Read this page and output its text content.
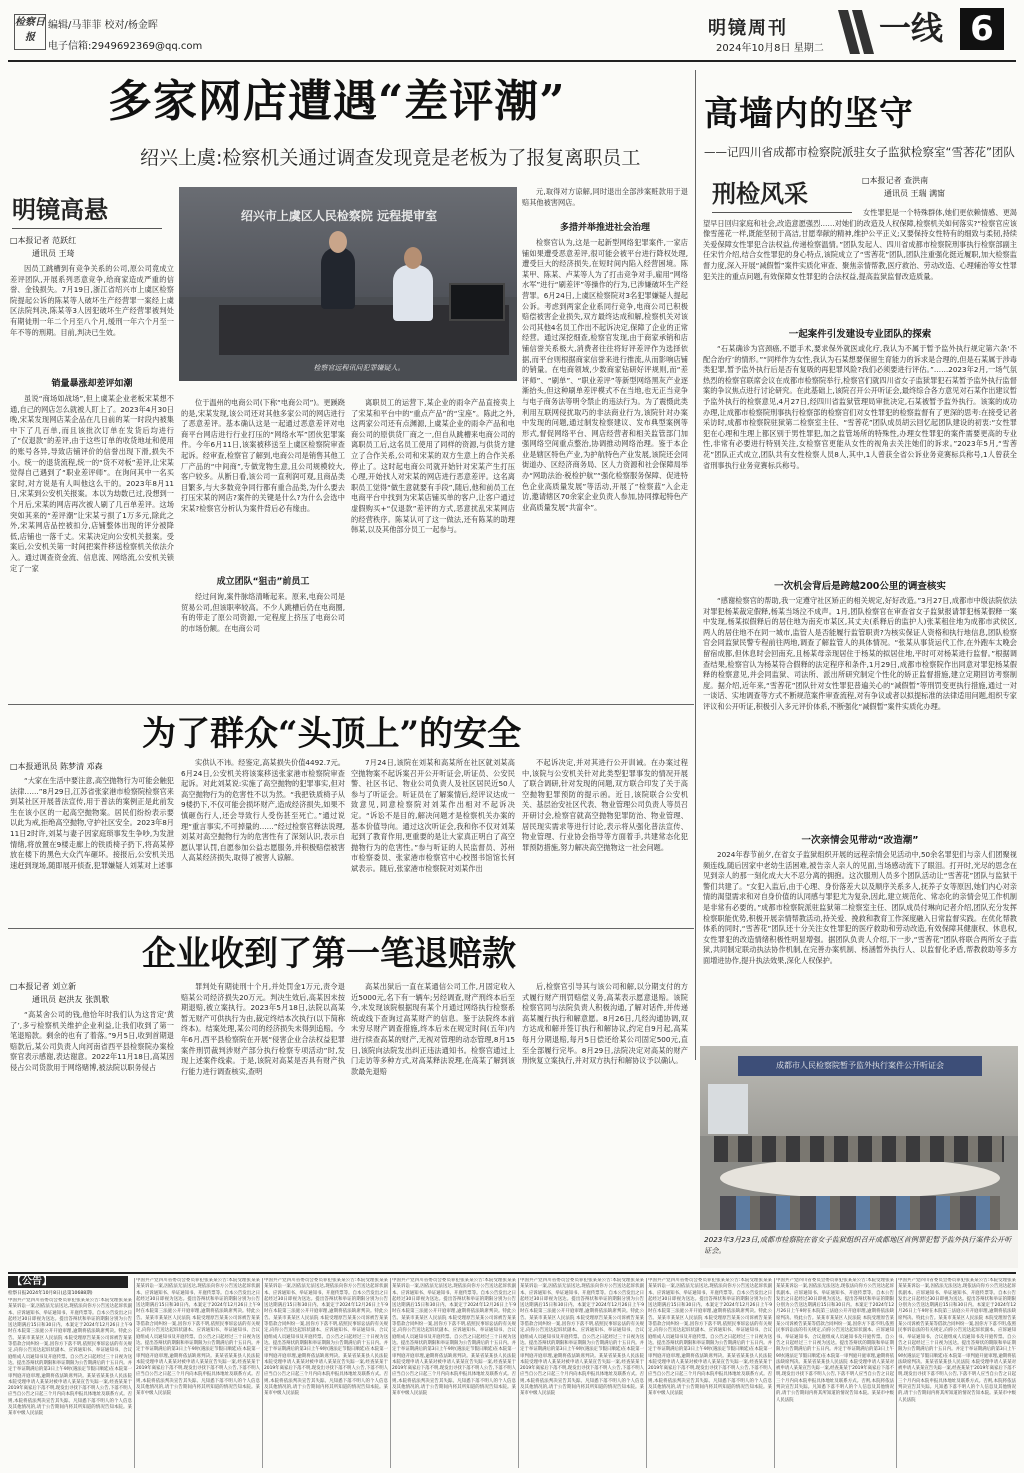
检察日报
编辑/马菲菲 校对/杨金晖
电子信箱:2949692369@qq.com
明镜周刊
2024年10月8日 星期二
一线 6
多家网店遭遇“差评潮”
绍兴上虞:检察机关通过调查发现竟是老板为了报复离职员工
明镜高悬
□本报记者 范跃红
通讯员 王琦

因员工跳槽到有竞争关系的公司,原公司竟成立差评团队,开展系列恶意竞争,给商家造成严重的信誉、金钱损失。7月19日,浙江省绍兴市上虞区检察院提起公诉的陈某等人破坏生产经营罪一案经上虞区法院判决,陈某等3人因犯破坏生产经营罪被判处有期徒刑一年二个月至八个月,缓刑一年六个月至一年不等的刑期。目前,判决已生效。

销量暴涨却差评如潮

虽说“商场如战场”,但上虞某企业老板宋某想不通,自己的网店怎么就被人盯上了。2023年4月30日晚,宋某发现网店某企品在几日前的某一时段内被集中下了几百单,而且该批次订单在发货后均进行了“仅退款”的差评,由于这些订单的收货地址和使用的账号各异,导致店铺评价的信誉出现下滑,损失不小。统一的退货流程,统一的“货不对板”差评,让宋某觉得自己遇到了“职业差评师”。在询问其中一名买家时,对方说是有人叫他这么干的。2023年8月11日,宋某到公安机关报案。本以为劫数已过,没想到一个月后,宋某的网店再次被人刷了几百单差评。这场突如其来的“差评潮”让宋某亏损了1万多元,除此之外,宋某网店品控被扣分,店铺整体出现的评分被降低,店铺也一落千丈。宋某决定向公安机关报案。受案后,公安机关第一时间把案件移送检察机关依法介入。通过调查资金流、信息流、网络流,公安机关锁定了一家

绍兴市上虞区人民检察院 远程提审室
检察官远程讯问犯罪嫌疑人。

位于温州的电商公司(下称“电商公司”)。更蹊跷的是,宋某发现,该公司还对其他多家公司的网店进行了恶意差评。基本确认这是一起通过恶意差评对电商平台网店进行行业打压的“网络水军”团伙犯罪案件。今年6月11日,该案被移送至上虞区检察院审查起诉。经审查,检察官了解到,电商公司是销售其他工厂产品的“中间商”,专做宠物生意,且公司规模较大,客户较多。从断日看,该公司一直利润可观,且商品类目繁多,与大多数竞争同行都有重合品类,为什么要去打压宋某的网店?案件的关键是什么?为什么会选中宋某?检察官分析认为案件背后必有缘由。

成立团队“狙击”前员工

经过问询,案件脉络清晰起来。原来,电商公司是贸易公司,但该职率较高。不少人跳槽后仍在电商圈,有的带走了原公司资源,一定程度上挤压了电商公司的市场份额。在电商公司

离职员工的运营下,某企业的雨伞产品直接卖上了宋某和平台中的“重点产品”的“宝座”。陈此之外,这两家公司还有点渊源,上虞某企业的雨伞产品和电商公司的原供货厂商之一,但自从跳槽来电商公司的离职员工后,这名员工使用了同样的资源,与供货方建立了合作关系,公司和宋某的双方生意上的合作关系停止了。这时起电商公司就开始针对宋某产生打压心理,开始找人对宋某的网店进行恶意差评。这名离职员工觉得“做生意就要有手段”,随后,他和前员工在电商平台中找到为宋某店铺买单的客户,让客户通过虚假购买+“仅退款”差评的方式,恶意扰乱宋某网店的经营秩序。陈某认可了这一做法,还有陈某的助理韩某,以及其他部分员工一起参与。

元,取得对方谅解,同时退出全部涉案赃款用于退赔其他被害网店。

多措并举推进社会治理

检察官认为,这是一起新型网络犯罪案件,一家店铺如果遭受恶意差评,很可能会被平台进行降权处理,遭受巨大的经济损失,在短时间内陷入经营困境。陈某甲、陈某、卢某等人为了打击竞争对手,雇用“网络水军”进行“刷差评”等操作的行为,已涉嫌破坏生产经营罪。6月24日,上虞区检察院对3名犯罪嫌疑人提起公诉。考虑到两家企业系同行竞争,电商公司已积极赔偿被害企业损失,双方最终达成和解,检察机关对该公司其他4名员工作出不起诉决定,保障了企业的正常经营。通过深挖细查,检察官发现,由于商家承销和店铺信誉关系极大,消费者往往将好评差评作为选择依据,而平台则根据商家信誉来进行推流,从而影响店铺的销量。在电商领域,少数商家钻研好评规则,而“差评师”、“刷单”、“职业差评”等新型网络黑灰产业逐渐抬头,但这种刷单差评模式不在当地,也无正当竞争与电子商务法等明令禁止的违法行为。为了震慑此类利用互联网侵扰取巧的非法商业行为,该院针对办案中发现的问题,通过制发检察建议、发布典型案例等形式,督促网络平台、网店经营者和相关监管部门加强网络空间重点整治,协调推动网络治理。鉴于本企业是辖区特色产业,为护航特色产业发展,该院还会同街道办、区经济商务局、区人力资源和社会保障局举办“网助法治·税检护航”“强化检察服务保障、促进特色企业高质量发展”等活动,开展了“检察蓝”入企走访,邀请辖区70余家企业负责人参加,协同撑起特色产业高质量发展“共富伞”。

高墙内的坚守
——记四川省成都市检察院派驻女子监狱检察室“雪莕花”团队
刑检风采	□本报记者 查洪南
通讯员 王瑞 满甯

女性罪犯是一个特殊群体,她们更依赖情感、更渴望早日回归家庭和社会,改造意愿强烈……对她们的改造及人权保障,检察机关如何落实?“检察官应该像雪莲花一样,既能坚韧于高洁,甘愿奉献的精神,维护公平正义;又要保持女性特有的细致与柔韧,持续关爱保障女性罪犯合法权益,传递检察温情。”团队发起人、四川省成都市检察院刑事执行检察部副主任宋竹介绍,结合女性罪犯的身心特点,该院成立了“雪莕花”团队,团队注重强化挺近履职,加大检察监督力度,深入开展“减假暂”案件实质化审查、聚焦亲情帮教,医疗救治、劳动改造、心理辅治等女性罪犯关注的重点问题,有效保障女性罪犯的合法权益,提高监狱监督改造质量。

一起案件引发建设专业团队的探索

“石某确诊为宫颈癌,不愿手术,要求保外就医或化疗,我认为不属于暂予监外执行规定第六条‘不配合治疗’的情形。”“同样作为女性,我认为石某想要保留生育能力的诉求是合理的,但是石某属于涉毒类犯罪,暂予监外执行后是否有复吸的再犯罪风险?我们必须要进行评估。”……2023年2月,一场气氛热烈的检察官联席会议在成都市检察院举行,检察官们就四川省女子监狱罪犯石某暂予监外执行监督案的争议焦点进行讨论研究。在此基础上,该院召开公开听证会,最终综合各方意见对石某作出建议暂予监外执行的检察意见,4月27日,经四川省监狱管理局审批决定,石某被暂予监外执行。该案的成功办理,让成都市检察院刑事执行检察部的检察官们对女性罪犯的检察监督有了更深的思考:在接受记者采访时,成都市检察院驻狱第二检察室主任、“雪莕花”团队成员胡云回忆起团队建设的初衷:“女性罪犯在心理和生理上都区别于男性罪犯,加之监管场所的特殊性,办理女性罪犯的案件需要更高的专业性,非常有必要进行特别关注,女检察官更能从女性的视角去关注她们的诉求。”2023年5月,“雪莕花”团队正式成立,团队共有女性检察人员8人,其中,1人曾获全省公诉业务竞赛标兵称号,1人曾获全省刑事执行业务竞赛标兵称号。

一次机会背后是跨越200公里的调查核实

“感谢检察官的帮助,我一定遵守社区矫正的相关规定,好好改造。”3月27日,成都市中级法院依法对罪犯杨某裁定假释,杨某当场泣不成声。1月,团队检察官在审查省女子监狱报请罪犯杨某假释一案中发现,杨某拟假释后的居住地为南充市某区,其丈夫(系释后的监护人)张某租住地为成都市武侯区,两人的居住地不在同一城市,监管人是否能履行监管职责?为核实保证人资格和执行地信息,团队检察官会同监狱民警专程前往两地,调查了解监管人的具体情况。“张某从事货运代工作,在外跑车太晚会留宿成都,但休息时会回南充,且杨某母亲现居住于杨某的拟居住地,平时可对杨某进行监督。”根据调查结果,检察官认为杨某符合假释的法定程序和条件,1月29日,成都市检察院作出同意对罪犯杨某假释的检察意见,并会同监狱、司法所、派出所研究制定个性化的矫正监督措施,建立定期回访考察制度。据介绍,近年来,“雪莕花”团队针对女性罪犯普遍关心的“减假暂”等刑罚变更执行措施,通过一对一谈话、实地调查等方式不断规范案件审查流程,对有争议或者以拟提标准的法律适用问题,组织专家评议和公开听证,积极引入多元评价体系,不断强化“减假暂”案件实质化办理。

一次亲情会见带动“改造潮”

2024年春节前夕,在省女子监狱组织开展的远程亲情会见活动中,50余名罪犯们与亲人们团聚视频连线,随后因家中老幼生活困难,被告亲人亲人的见面,当场感动流下了眼泪。打开时,光尽的思念在见到亲人的那一刻化成大大不忍分离的拥抱。这次服刑人员多个团队活动让“雪莕花”团队与监狱干警们共建了。“女犯入监后,由于心理、身份落差大以及顺序关系多人,抚养子女等原因,她们内心对亲情的渴望需求和对自身价值的认同感与罪犯尤为复杂,因此,建立规范化、常态化的亲情会见工作机制是非常有必要的。”成都市检察院派驻监狱第二检察室主任、团队成员付琳向记者介绍,团队充分发挥检察职能优势,积极开展亲情帮教活动,持关爱、挽救和教育工作深度融入日常监督实践。在优化帮教体系的同时,“雪莕花”团队还十分关注女性罪犯的医疗救助和劳动改造,有效保障其健康权、休息权,女性罪犯的改造情绪积极性明显增强。据团队负责人介绍,下一步,“雪莕花”团队将联合两所女子监狱,共同制定联动执法协作机制,在完善办案机制、杨涵暂外执行人、以监督化矛盾,帮教救助等多方面增进协作,提升执法效果,深化人权保护。

成都市人民检察院暂予监外执行案件公开听证会
2023年3月23日,成都市检察院在省女子监狱组织召开成都地区首例罪犯暂予监外执行案件公开听证会。
为了群众“头顶上”的安全
□本报通讯员 陈梦清 邓森

“大家在生活中要注意,高空抛物行为可能会触犯法律……”8月29日,江苏省张家港市检察院检察官来到某社区开展普法宣传,用于普法的案例正是此前发生在该小区的一起高空抛物案。居民们纷纷表示要以此为戒,拒绝高空抛物,守护社区安全。2023年8月11日2时许,刘某与妻子因家庭琐事发生争吵,为发泄情绪,将放置在9楼走廊上的铁质椅子扔下,将高某停放在楼下的黑色大众汽车砸坏。接报后,公安机关迅速赶到现场,随即展开侦查,犯罪嫌疑人刘某对上述事

实供认不讳。经鉴定,高某损失价值4492.7元。6月24日,公安机关将该案移送张家港市检察院审查起诉。对此刘某说:实施了高空抛物的犯罪事实,但对高空抛物行为的危害性不以为然。“我把铁质椅子从9楼扔下,不仅可能会损坏财产,造成经济损失,如果不慎砸伤行人,还会导致行人受伤甚至死亡。”通过说理“重言事实,不可掉量的……”经过检察官释法说理,刘某对高空抛物行为的危害性有了深刻认识,表示自愿认罪认罚,自愿参加公益志愿服务,并积极赔偿被害人高某经济损失,取得了被害人谅解。

7月24日,该院在刘某和高某所在社区就刘某高空抛物案不起诉案召开公开听证会,听证员、公安民警、社区书记、物业公司负责人及社区居民近50人参与了听证会。听证员在了解案情后,经评议达成一致意见,同意检察院对刘某作出相对不起诉决定。“诉讼不是目的,解决问题才是检察机关办案的基本价值导向。通过这次听证会,我和你不仅对刘某起到了教育作用,更重要的是让大家真正明白了高空抛物行为的危害性。”参与听证的人民监督员、苏州市检察委员、张家港市检察官中心校图书馆馆长何斌表示。随后,张家港市检察院对刘某作出

不起诉决定,并对其进行公开训诫。在办案过程中,该院与公安机关针对此类型犯罪事发的情况开展了联合调研,针对发现的问题,双方联合印发了关于高空抛物犯罪预防的提示函。近日,该院联合公安机关、基层治安社区代表、物业管理公司负责人等员召开研讨会,检察官就高空抛物犯罪防治、物业管理、居民现实需求等进行讨论,表示将从强化普法宣传、物业管理、行业协会指导等方面着手,共建常态化犯罪预防措施,努力解决高空抛物这一社会问题。

企业收到了第一笔退赔款
□本报记者 刘立新
通讯员 赵洪友 张凯歌

“高某舍公司的钱,他恰年时我们认为这肯定‘黄了’,多亏检察机关维护企业利益,让我们收到了第一笔退赔款。剩余的也有了着落。”9月5日,收到首期退赔款后,某公司负责人向河南省西平县检察院办案检察官表示感谢,表达谢意。2022年11月18日,高某因侵占公司货款用于网络赌博,被法院以职务侵占

罪判处有期徒刑十个月,并处罚金1万元,责令退赔某公司经济损失20万元。判决生效后,高某因未按期退赔,被立案执行。2023年5月18日,法院以高某暂无财产可供执行为由,裁定终结本次执行(以下简称终本)。结案处理,某公司的经济损失未得到追赔。今年6月,西平县检察院在开展“侵害企业合法权益犯罪案件刑罚裁判涉财产部分执行检察专项活动”时,发现上述案件线索。于是,该院对高某是否具有财产执行能力进行调查核实,查明

高某出狱后一直在某通信公司工作,月固定收入近5000元,名下有一辆车;另经调查,财产刑终本后至今,未发现该院根据现有某个月通过网络执行检察系统或线下查询过高某财产的信息。鉴于法院终本前未穷尽财产调查措施,终本后未在规定时间(五年)内进行续查高某的财产,无视对管理的动态管理,8月15日,该院向法院发出纠正违法通知书。检察官通过上门走访等多种方式,对高某释法说理,在高某了解到该款最先退赔

后,检察官引导其与该公司和解,以分期支付的方式履行财产刑罚赔偿义务,高某表示愿意退赔。该院检察官同与法院负责人积极沟通,了解对话件,并传递高某履行执行和解意愿。8月26日,几经沟通协调,双方达成和解并签订执行和解协议,约定自9月起,高某每月分期退赔,每月5日偿还给某公司固定500元,直至全部履行完毕。8月29日,法院决定对高某的财产刑恢复立案执行,并对双方执行和解协议予以确认。

【公告】
检察日报2024年10月8日(总第10688期)
中国共产党四川省委员会委员罪犯张某某公告:本院受理张某某某某诉讼一案,因依法无法送达,现依法向你方公告送达起诉状副本、应诉通知书、举证通知书、开庭传票等。自本公告发出之日起经过30日即视为送达。提出答辩状和举证的期限分别为公告送达期满后15日和30日内。本案定于2024年12月26日上午9时在本院第三法庭公开开庭审理,逾期将依法缺席判决。特此公告。某某市某某区人民法院 本院受理原告某某公司诉被告某某等借款合同纠纷一案,因你方下落不明,依照民事诉讼法的有关规定,向你公告送达起诉状副本、应诉通知书、举证通知书、合议庭组成人员通知书及开庭传票。自公告之日起经过三十日视为送达。提出答辩状的期限和举证期限为公告期满后的十五日内。并定于举证期满后的第3日上午9时(遇法定节假日顺延)在本院第一审判庭开庭审理,逾期将依法缺席判决。某某省某某县人民法院 本院受理申请人某某对被申请人某某宣告失踪一案,经查某某于2019年离家后下落不明,现发出寻找下落不明人公告,下落不明人应当自公告之日起三个月内向本院申报具体地址及联系方式。否则,本院将依法判决宣告其失踪。凡知悉下落不明人的个人信息及其他情况的,请于公告期间内将其所知道的情况告知本院。某某市中级人民法院
中国共产党四川省委员会委员罪犯张某某公告:本院受理张某某某某诉讼一案,因依法无法送达,现依法向你方公告送达起诉状副本、应诉通知书、举证通知书、开庭传票等。自本公告发出之日起经过30日即视为送达。提出答辩状和举证的期限分别为公告送达期满后15日和30日内。本案定于2024年12月26日上午9时在本院第三法庭公开开庭审理,逾期将依法缺席判决。特此公告。某某市某某区人民法院 本院受理原告某某公司诉被告某某等借款合同纠纷一案,因你方下落不明,依照民事诉讼法的有关规定,向你公告送达起诉状副本、应诉通知书、举证通知书、合议庭组成人员通知书及开庭传票。自公告之日起经过三十日视为送达。提出答辩状的期限和举证期限为公告期满后的十五日内。并定于举证期满后的第3日上午9时(遇法定节假日顺延)在本院第一审判庭开庭审理,逾期将依法缺席判决。某某省某某县人民法院 本院受理申请人某某对被申请人某某宣告失踪一案,经查某某于2019年离家后下落不明,现发出寻找下落不明人公告,下落不明人应当自公告之日起三个月内向本院申报具体地址及联系方式。否则,本院将依法判决宣告其失踪。凡知悉下落不明人的个人信息及其他情况的,请于公告期间内将其所知道的情况告知本院。某某市中级人民法院
中国共产党四川省委员会委员罪犯张某某公告:本院受理张某某某某诉讼一案,因依法无法送达,现依法向你方公告送达起诉状副本、应诉通知书、举证通知书、开庭传票等。自本公告发出之日起经过30日即视为送达。提出答辩状和举证的期限分别为公告送达期满后15日和30日内。本案定于2024年12月26日上午9时在本院第三法庭公开开庭审理,逾期将依法缺席判决。特此公告。某某市某某区人民法院 本院受理原告某某公司诉被告某某等借款合同纠纷一案,因你方下落不明,依照民事诉讼法的有关规定,向你公告送达起诉状副本、应诉通知书、举证通知书、合议庭组成人员通知书及开庭传票。自公告之日起经过三十日视为送达。提出答辩状的期限和举证期限为公告期满后的十五日内。并定于举证期满后的第3日上午9时(遇法定节假日顺延)在本院第一审判庭开庭审理,逾期将依法缺席判决。某某省某某县人民法院 本院受理申请人某某对被申请人某某宣告失踪一案,经查某某于2019年离家后下落不明,现发出寻找下落不明人公告,下落不明人应当自公告之日起三个月内向本院申报具体地址及联系方式。否则,本院将依法判决宣告其失踪。凡知悉下落不明人的个人信息及其他情况的,请于公告期间内将其所知道的情况告知本院。某某市中级人民法院
中国共产党四川省委员会委员罪犯张某某公告:本院受理张某某某某诉讼一案,因依法无法送达,现依法向你方公告送达起诉状副本、应诉通知书、举证通知书、开庭传票等。自本公告发出之日起经过30日即视为送达。提出答辩状和举证的期限分别为公告送达期满后15日和30日内。本案定于2024年12月26日上午9时在本院第三法庭公开开庭审理,逾期将依法缺席判决。特此公告。某某市某某区人民法院 本院受理原告某某公司诉被告某某等借款合同纠纷一案,因你方下落不明,依照民事诉讼法的有关规定,向你公告送达起诉状副本、应诉通知书、举证通知书、合议庭组成人员通知书及开庭传票。自公告之日起经过三十日视为送达。提出答辩状的期限和举证期限为公告期满后的十五日内。并定于举证期满后的第3日上午9时(遇法定节假日顺延)在本院第一审判庭开庭审理,逾期将依法缺席判决。某某省某某县人民法院 本院受理申请人某某对被申请人某某宣告失踪一案,经查某某于2019年离家后下落不明,现发出寻找下落不明人公告,下落不明人应当自公告之日起三个月内向本院申报具体地址及联系方式。否则,本院将依法判决宣告其失踪。凡知悉下落不明人的个人信息及其他情况的,请于公告期间内将其所知道的情况告知本院。某某市中级人民法院
中国共产党四川省委员会委员罪犯张某某公告:本院受理张某某某某诉讼一案,因依法无法送达,现依法向你方公告送达起诉状副本、应诉通知书、举证通知书、开庭传票等。自本公告发出之日起经过30日即视为送达。提出答辩状和举证的期限分别为公告送达期满后15日和30日内。本案定于2024年12月26日上午9时在本院第三法庭公开开庭审理,逾期将依法缺席判决。特此公告。某某市某某区人民法院 本院受理原告某某公司诉被告某某等借款合同纠纷一案,因你方下落不明,依照民事诉讼法的有关规定,向你公告送达起诉状副本、应诉通知书、举证通知书、合议庭组成人员通知书及开庭传票。自公告之日起经过三十日视为送达。提出答辩状的期限和举证期限为公告期满后的十五日内。并定于举证期满后的第3日上午9时(遇法定节假日顺延)在本院第一审判庭开庭审理,逾期将依法缺席判决。某某省某某县人民法院 本院受理申请人某某对被申请人某某宣告失踪一案,经查某某于2019年离家后下落不明,现发出寻找下落不明人公告,下落不明人应当自公告之日起三个月内向本院申报具体地址及联系方式。否则,本院将依法判决宣告其失踪。凡知悉下落不明人的个人信息及其他情况的,请于公告期间内将其所知道的情况告知本院。某某市中级人民法院
中国共产党四川省委员会委员罪犯张某某公告:本院受理张某某某某诉讼一案,因依法无法送达,现依法向你方公告送达起诉状副本、应诉通知书、举证通知书、开庭传票等。自本公告发出之日起经过30日即视为送达。提出答辩状和举证的期限分别为公告送达期满后15日和30日内。本案定于2024年12月26日上午9时在本院第三法庭公开开庭审理,逾期将依法缺席判决。特此公告。某某市某某区人民法院 本院受理原告某某公司诉被告某某等借款合同纠纷一案,因你方下落不明,依照民事诉讼法的有关规定,向你公告送达起诉状副本、应诉通知书、举证通知书、合议庭组成人员通知书及开庭传票。自公告之日起经过三十日视为送达。提出答辩状的期限和举证期限为公告期满后的十五日内。并定于举证期满后的第3日上午9时(遇法定节假日顺延)在本院第一审判庭开庭审理,逾期将依法缺席判决。某某省某某县人民法院 本院受理申请人某某对被申请人某某宣告失踪一案,经查某某于2019年离家后下落不明,现发出寻找下落不明人公告,下落不明人应当自公告之日起三个月内向本院申报具体地址及联系方式。否则,本院将依法判决宣告其失踪。凡知悉下落不明人的个人信息及其他情况的,请于公告期间内将其所知道的情况告知本院。某某市中级人民法院
中国共产党四川省委员会委员罪犯张某某公告:本院受理张某某某某诉讼一案,因依法无法送达,现依法向你方公告送达起诉状副本、应诉通知书、举证通知书、开庭传票等。自本公告发出之日起经过30日即视为送达。提出答辩状和举证的期限分别为公告送达期满后15日和30日内。本案定于2024年12月26日上午9时在本院第三法庭公开开庭审理,逾期将依法缺席判决。特此公告。某某市某某区人民法院 本院受理原告某某公司诉被告某某等借款合同纠纷一案,因你方下落不明,依照民事诉讼法的有关规定,向你公告送达起诉状副本、应诉通知书、举证通知书、合议庭组成人员通知书及开庭传票。自公告之日起经过三十日视为送达。提出答辩状的期限和举证期限为公告期满后的十五日内。并定于举证期满后的第3日上午9时(遇法定节假日顺延)在本院第一审判庭开庭审理,逾期将依法缺席判决。某某省某某县人民法院 本院受理申请人某某对被申请人某某宣告失踪一案,经查某某于2019年离家后下落不明,现发出寻找下落不明人公告,下落不明人应当自公告之日起三个月内向本院申报具体地址及联系方式。否则,本院将依法判决宣告其失踪。凡知悉下落不明人的个人信息及其他情况的,请于公告期间内将其所知道的情况告知本院。某某市中级人民法院
中国共产党四川省委员会委员罪犯张某某公告:本院受理张某某某某诉讼一案,因依法无法送达,现依法向你方公告送达起诉状副本、应诉通知书、举证通知书、开庭传票等。自本公告发出之日起经过30日即视为送达。提出答辩状和举证的期限分别为公告送达期满后15日和30日内。本案定于2024年12月26日上午9时在本院第三法庭公开开庭审理,逾期将依法缺席判决。特此公告。某某市某某区人民法院 本院受理原告某某公司诉被告某某等借款合同纠纷一案,因你方下落不明,依照民事诉讼法的有关规定,向你公告送达起诉状副本、应诉通知书、举证通知书、合议庭组成人员通知书及开庭传票。自公告之日起经过三十日视为送达。提出答辩状的期限和举证期限为公告期满后的十五日内。并定于举证期满后的第3日上午9时(遇法定节假日顺延)在本院第一审判庭开庭审理,逾期将依法缺席判决。某某省某某县人民法院 本院受理申请人某某对被申请人某某宣告失踪一案,经查某某于2019年离家后下落不明,现发出寻找下落不明人公告,下落不明人应当自公告之日起三个月内向本院申报具体地址及联系方式。否则,本院将依法判决宣告其失踪。凡知悉下落不明人的个人信息及其他情况的,请于公告期间内将其所知道的情况告知本院。某某市中级人民法院
